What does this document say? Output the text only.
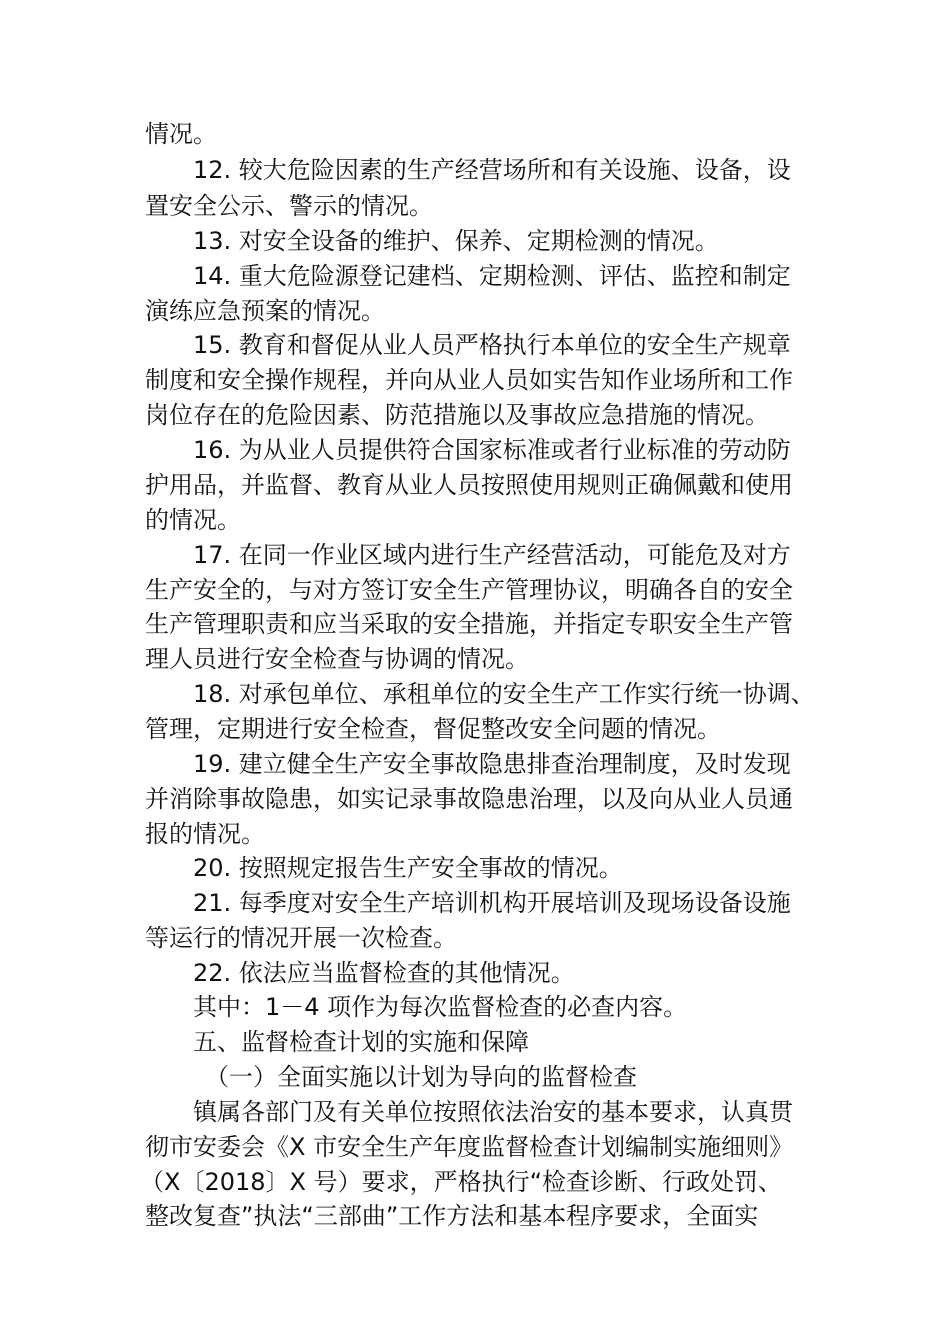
情况。
12. 较大危险因素的生产经营场所和有关设施、设备，设
置安全公示、警示的情况。
13. 对安全设备的维护、保养、定期检测的情况。
14. 重大危险源登记建档、定期检测、评估、监控和制定
演练应急预案的情况。
15. 教育和督促从业人员严格执行本单位的安全生产规章
制度和安全操作规程，并向从业人员如实告知作业场所和工作
岗位存在的危险因素、防范措施以及事故应急措施的情况。
16. 为从业人员提供符合国家标准或者行业标准的劳动防
护用品，并监督、教育从业人员按照使用规则正确佩戴和使用
的情况。
17. 在同一作业区域内进行生产经营活动，可能危及对方
生产安全的，与对方签订安全生产管理协议，明确各自的安全
生产管理职责和应当采取的安全措施，并指定专职安全生产管
理人员进行安全检查与协调的情况。
18. 对承包单位、承租单位的安全生产工作实行统一协调、
管理，定期进行安全检查，督促整改安全问题的情况。
19. 建立健全生产安全事故隐患排查治理制度，及时发现
并消除事故隐患，如实记录事故隐患治理，以及向从业人员通
报的情况。
20. 按照规定报告生产安全事故的情况。
21. 每季度对安全生产培训机构开展培训及现场设备设施
等运行的情况开展一次检查。
22. 依法应当监督检查的其他情况。
其中：1－4 项作为每次监督检查的必查内容。
五、监督检查计划的实施和保障
（一）全面实施以计划为导向的监督检查
镇属各部门及有关单位按照依法治安的基本要求，认真贯
彻市安委会《X 市安全生产年度监督检查计划编制实施细则》
（X〔2018〕X 号）要求，严格执行“检查诊断、行政处罚、
整改复查”执法“三部曲”工作方法和基本程序要求，全面实
